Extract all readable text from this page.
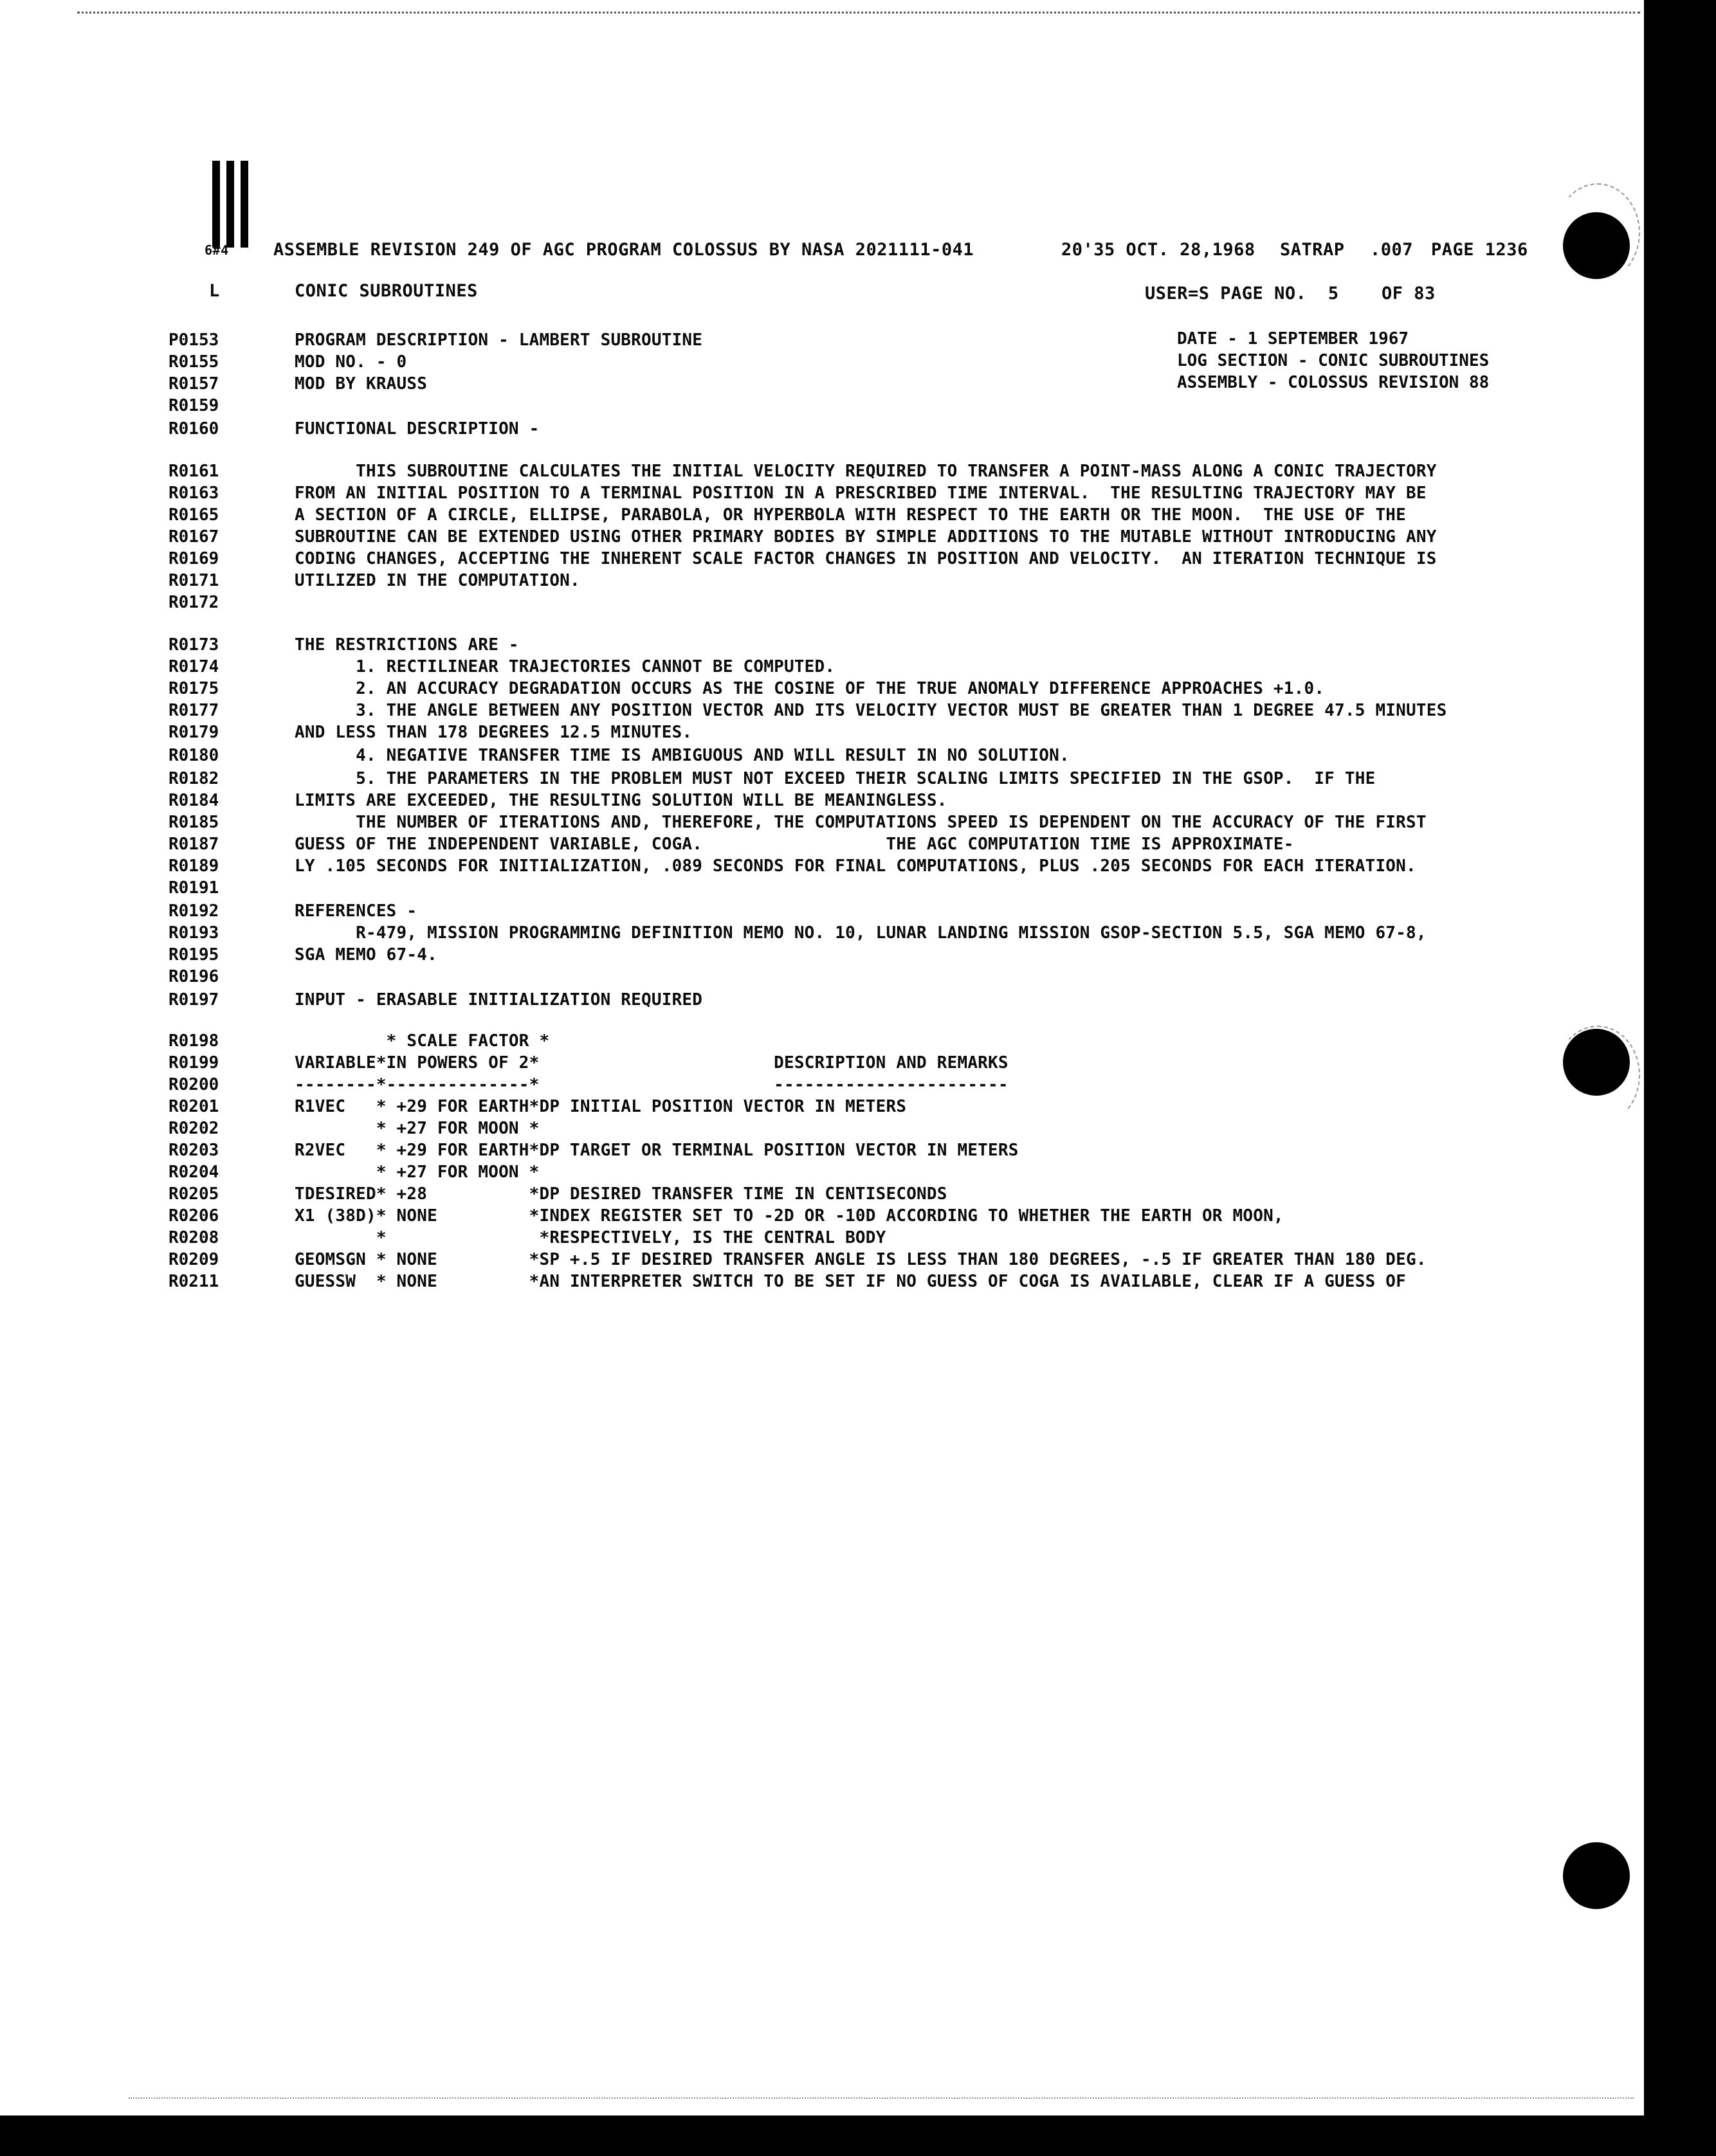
6#4	ASSEMBLE REVISION 249 OF AGC PROGRAM COLOSSUS BY NASA 2021111-041	20'35 OCT. 28,1968 SATRAP .007 PAGE 1236
L	CONIC SUBROUTINES	USER=S PAGE NO.  5 OF 83
DATE - 1 SEPTEMBER 1967
LOG SECTION - CONIC SUBROUTINES
ASSEMBLY - COLOSSUS REVISION 88
P0153	PROGRAM DESCRIPTION - LAMBERT SUBROUTINE
R0155	MOD NO. - 0
R0157	MOD BY KRAUSS
R0159
R0160	FUNCTIONAL DESCRIPTION -
R0161	THIS SUBROUTINE CALCULATES THE INITIAL VELOCITY REQUIRED TO TRANSFER A POINT-MASS ALONG A CONIC TRAJECTORY
R0163	FROM AN INITIAL POSITION TO A TERMINAL POSITION IN A PRESCRIBED TIME INTERVAL.  THE RESULTING TRAJECTORY MAY BE
R0165	A SECTION OF A CIRCLE, ELLIPSE, PARABOLA, OR HYPERBOLA WITH RESPECT TO THE EARTH OR THE MOON.  THE USE OF THE
R0167	SUBROUTINE CAN BE EXTENDED USING OTHER PRIMARY BODIES BY SIMPLE ADDITIONS TO THE MUTABLE WITHOUT INTRODUCING ANY
R0169	CODING CHANGES, ACCEPTING THE INHERENT SCALE FACTOR CHANGES IN POSITION AND VELOCITY.  AN ITERATION TECHNIQUE IS
R0171	UTILIZED IN THE COMPUTATION.
R0172
R0173	THE RESTRICTIONS ARE -
R0174	1. RECTILINEAR TRAJECTORIES CANNOT BE COMPUTED.
R0175	2. AN ACCURACY DEGRADATION OCCURS AS THE COSINE OF THE TRUE ANOMALY DIFFERENCE APPROACHES +1.0.
R0177	3. THE ANGLE BETWEEN ANY POSITION VECTOR AND ITS VELOCITY VECTOR MUST BE GREATER THAN 1 DEGREE 47.5 MINUTES
R0179	AND LESS THAN 178 DEGREES 12.5 MINUTES.
R0180	4. NEGATIVE TRANSFER TIME IS AMBIGUOUS AND WILL RESULT IN NO SOLUTION.
R0182	5. THE PARAMETERS IN THE PROBLEM MUST NOT EXCEED THEIR SCALING LIMITS SPECIFIED IN THE GSOP.  IF THE
R0184	LIMITS ARE EXCEEDED, THE RESULTING SOLUTION WILL BE MEANINGLESS.
R0185	THE NUMBER OF ITERATIONS AND, THEREFORE, THE COMPUTATIONS SPEED IS DEPENDENT ON THE ACCURACY OF THE FIRST
R0187	GUESS OF THE INDEPENDENT VARIABLE, COGA.                  THE AGC COMPUTATION TIME IS APPROXIMATE-
R0189	LY .105 SECONDS FOR INITIALIZATION, .089 SECONDS FOR FINAL COMPUTATIONS, PLUS .205 SECONDS FOR EACH ITERATION.
R0191
R0192	REFERENCES -
R0193	R-479, MISSION PROGRAMMING DEFINITION MEMO NO. 10, LUNAR LANDING MISSION GSOP-SECTION 5.5, SGA MEMO 67-8,
R0195	SGA MEMO 67-4.
R0196
R0197	INPUT - ERASABLE INITIALIZATION REQUIRED
R0198	* SCALE FACTOR *
R0199	VARIABLE*IN POWERS OF 2*                       DESCRIPTION AND REMARKS
R0200	--------*--------------*                       -----------------------
R0201	R1VEC   * +29 FOR EARTH*DP INITIAL POSITION VECTOR IN METERS
R0202	* +27 FOR MOON *
R0203	R2VEC   * +29 FOR EARTH*DP TARGET OR TERMINAL POSITION VECTOR IN METERS
R0204	* +27 FOR MOON *
R0205	TDESIRED* +28          *DP DESIRED TRANSFER TIME IN CENTISECONDS
R0206	X1 (38D)* NONE         *INDEX REGISTER SET TO -2D OR -10D ACCORDING TO WHETHER THE EARTH OR MOON,
R0208	*               *RESPECTIVELY, IS THE CENTRAL BODY
R0209	GEOMSGN * NONE         *SP +.5 IF DESIRED TRANSFER ANGLE IS LESS THAN 180 DEGREES, -.5 IF GREATER THAN 180 DEG.
R0211	GUESSW  * NONE         *AN INTERPRETER SWITCH TO BE SET IF NO GUESS OF COGA IS AVAILABLE, CLEAR IF A GUESS OF
